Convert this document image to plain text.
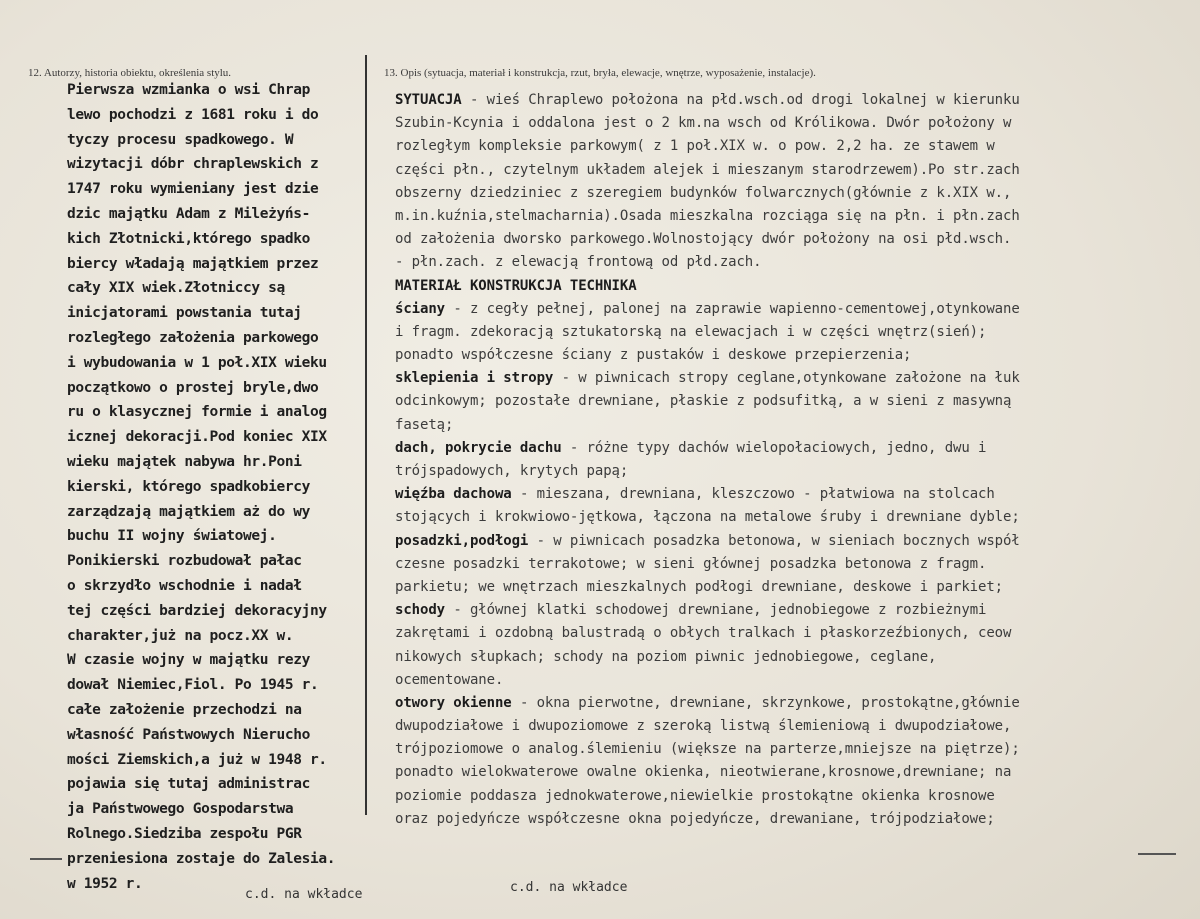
12. Autorzy, historia obiektu, określenia stylu.	13. Opis (sytuacja, materiał i konstrukcja, rzut, bryła, elewacje, wnętrze, wyposażenie, instalacje).
Pierwsza wzmianka o wsi Chrap
lewo pochodzi z 1681 roku i do
tyczy procesu spadkowego. W
wizytacji dóbr chraplewskich z
1747 roku wymieniany jest dzie
dzic majątku Adam z Mileżyńs-
kich Złotnicki,którego spadko
biercy władają majątkiem przez
cały XIX wiek.Złotniccy są
inicjatorami powstania tutaj
rozległego założenia parkowego
i wybudowania w 1 poł.XIX wieku
początkowo o prostej bryle,dwo
ru o klasycznej formie i analog
icznej dekoracji.Pod koniec XIX
wieku majątek nabywa hr.Poni
kierski, którego spadkobiercy
zarządzają majątkiem aż do wy
buchu II wojny światowej.
Ponikierski rozbudował pałac
o skrzydło wschodnie i nadał
tej części bardziej dekoracyjny
charakter,już na pocz.XX w.
W czasie wojny w majątku rezy
dował Niemiec,Fiol. Po 1945 r.
całe założenie przechodzi na
własność Państwowych Nierucho
mości Ziemskich,a już w 1948 r.
pojawia się tutaj administrac
ja Państwowego Gospodarstwa
Rolnego.Siedziba zespołu PGR
przeniesiona zostaje do Zalesia.
w 1952 r.
SYTUACJA - wieś Chraplewo położona na płd.wsch.od drogi lokalnej w kierunku
Szubin-Kcynia i oddalona jest o 2 km.na wsch od Królikowa. Dwór położony w
rozległym kompleksie parkowym( z 1 poł.XIX w. o pow. 2,2 ha. ze stawem w
części płn., czytelnym układem alejek i mieszanym starodrzewem).Po str.zach
obszerny dziedziniec z szeregiem budynków folwarcznych(głównie z k.XIX w.,
m.in.kuźnia,stelmacharnia).Osada mieszkalna rozciąga się na płn. i płn.zach
od założenia dworsko parkowego.Wolnostojący dwór położony na osi płd.wsch.
- płn.zach. z elewacją frontową od płd.zach.
MATERIAŁ KONSTRUKCJA TECHNIKA
ściany - z cegły pełnej, palonej na zaprawie wapienno-cementowej,otynkowane
i fragm. zdekoracją sztukatorską na elewacjach i w części wnętrz(sień);
ponadto współczesne ściany z pustaków i deskowe przepierzenia;
sklepienia i stropy - w piwnicach stropy ceglane,otynkowane założone na łuk
odcinkowym; pozostałe drewniane, płaskie z podsufitką, a w sieni z masywną
fasetą;
dach, pokrycie dachu - różne typy dachów wielopołaciowych, jedno, dwu i
trójspadowych, krytych papą;
więźba dachowa - mieszana, drewniana, kleszczowo - płatwiowa na stolcach
stojących i krokwiowo-jętkowa, łączona na metalowe śruby i drewniane dyble;
posadzki,podłogi - w piwnicach posadzka betonowa, w sieniach bocznych współ
czesne posadzki terrakotowe; w sieni głównej posadzka betonowa z fragm.
parkietu; we wnętrzach mieszkalnych podłogi drewniane, deskowe i parkiet;
schody - głównej klatki schodowej drewniane, jednobiegowe z rozbieżnymi
zakrętami i ozdobną balustradą o obłych tralkach i płaskorzeźbionych, ceow
nikowych słupkach; schody na poziom piwnic jednobiegowe, ceglane,
ocementowane.
otwory okienne - okna pierwotne, drewniane, skrzynkowe, prostokątne,głównie
dwupodziałowe i dwupoziomowe z szeroką listwą ślemieniową i dwupodziałowe,
trójpoziomowe o analog.ślemieniu (większe na parterze,mniejsze na piętrze);
ponadto wielokwaterowe owalne okienka, nieotwierane,krosnowe,drewniane; na
poziomie poddasza jednokwaterowe,niewielkie prostokątne okienka krosnowe
oraz pojedyńcze współczesne okna pojedyńcze, drewaniane, trójpodziałowe;
c.d. na wkładce	c.d. na wkładce
